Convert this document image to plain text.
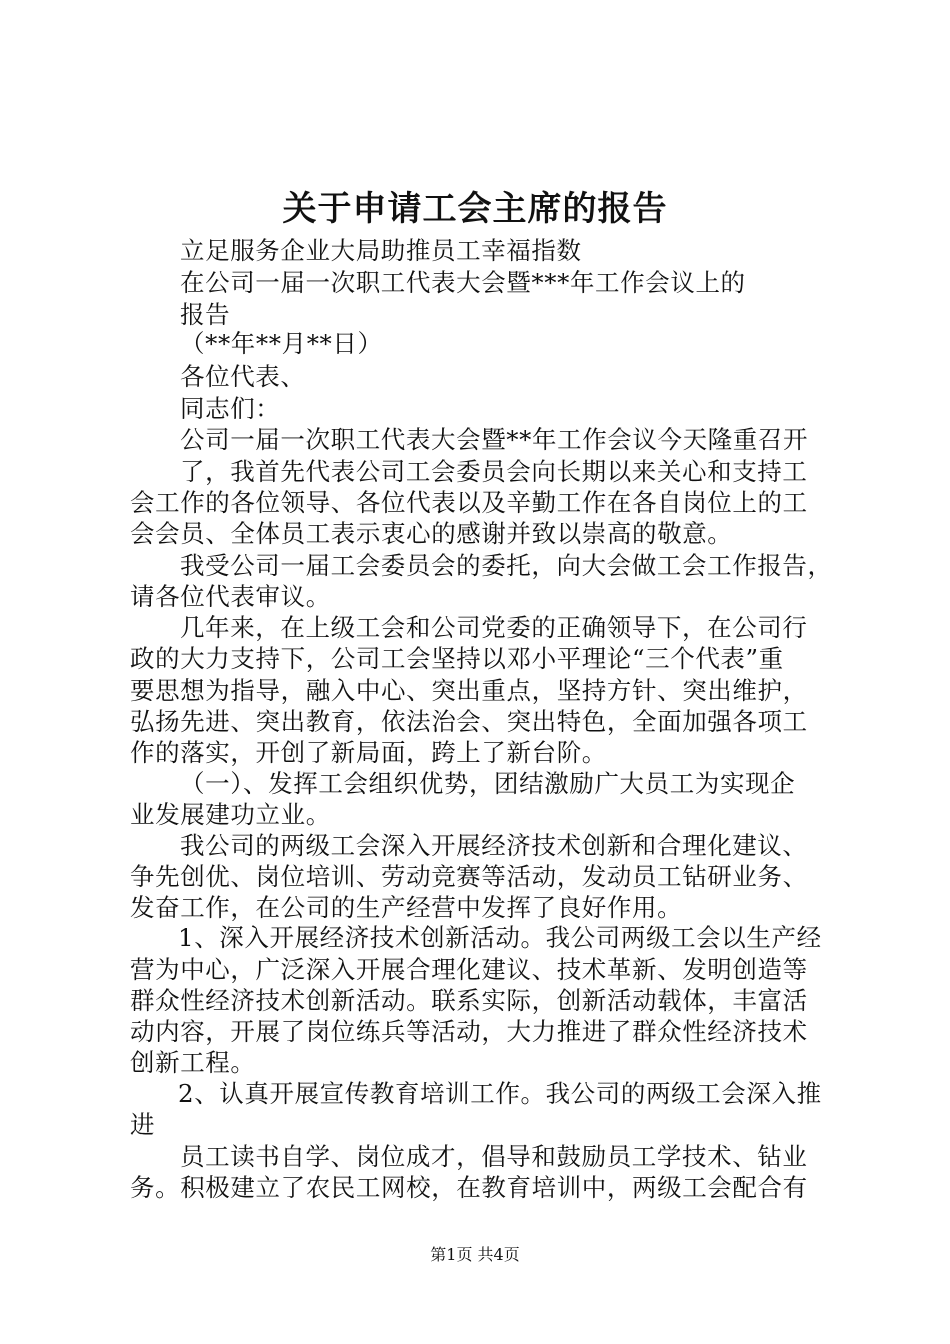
关于申请工会主席的报告
立足服务企业大局助推员工幸福指数
在公司一届一次职工代表大会暨***年工作会议上的
报告
（**年**月**日）
各位代表、
同志们：
公司一届一次职工代表大会暨**年工作会议今天隆重召开
了，我首先代表公司工会委员会向长期以来关心和支持工
会工作的各位领导、各位代表以及辛勤工作在各自岗位上的工
会会员、全体员工表示衷心的感谢并致以崇高的敬意。
我受公司一届工会委员会的委托，向大会做工会工作报告，
请各位代表审议。
几年来，在上级工会和公司党委的正确领导下，在公司行
政的大力支持下，公司工会坚持以邓小平理论“三个代表”重
要思想为指导，融入中心、突出重点，坚持方针、突出维护，
弘扬先进、突出教育，依法治会、突出特色，全面加强各项工
作的落实，开创了新局面，跨上了新台阶。
（一）、发挥工会组织优势，团结激励广大员工为实现企
业发展建功立业。
我公司的两级工会深入开展经济技术创新和合理化建议、
争先创优、岗位培训、劳动竞赛等活动，发动员工钻研业务、
发奋工作，在公司的生产经营中发挥了良好作用。
1、深入开展经济技术创新活动。我公司两级工会以生产经
营为中心，广泛深入开展合理化建议、技术革新、发明创造等
群众性经济技术创新活动。联系实际，创新活动载体，丰富活
动内容，开展了岗位练兵等活动，大力推进了群众性经济技术
创新工程。
2、认真开展宣传教育培训工作。我公司的两级工会深入推
进
员工读书自学、岗位成才，倡导和鼓励员工学技术、钻业
务。积极建立了农民工网校，在教育培训中，两级工会配合有
第1页 共4页
